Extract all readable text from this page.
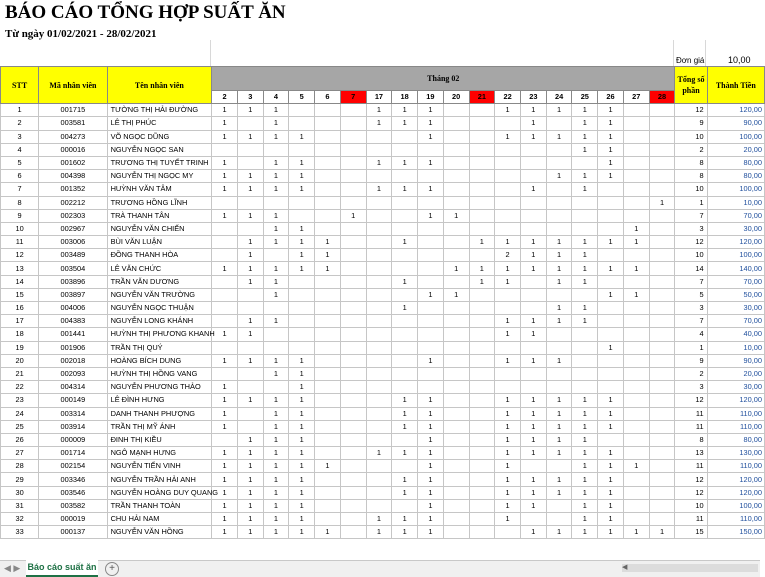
BÁO CÁO TỔNG HỢP SUẤT ĂN
Từ ngày 01/02/2021 - 28/02/2021
Đơn giá	10,00
STT	Mã nhân viên	Tên nhân viên	Tháng 02																		Tổng số phần	Thành Tiền
			2	3	4	5	6	7	17	18	19	20	21	22	23	24	25	26	27	28		
1	001715	TƯỜNG THỊ HẢI ĐƯỜNG	1	1	1				1	1	1			1	1	1	1	1			12	120,00
2	003581	LÊ THỊ PHÚC	1		1				1	1	1				1		1	1			9	90,00
3	004273	VÕ NGỌC DŨNG	1	1	1	1					1			1	1	1	1	1			10	100,00
4	000016	NGUYỄN NGỌC SAN															1	1			2	20,00
5	001602	TRƯƠNG THỊ TUYẾT TRINH	1		1	1			1	1	1							1			8	80,00
6	004398	NGUYỄN THỊ NGỌC MY	1	1	1	1										1	1	1			8	80,00
7	001352	HUỲNH VĂN TÂM	1	1	1	1			1	1	1				1		1				10	100,00
8	002212	TRƯƠNG HỒNG LĨNH																		1	1	10,00
9	002303	TRÀ THANH TÂN	1	1	1			1			1	1									7	70,00
10	002967	NGUYỄN VĂN CHIẾN			1	1													1		3	30,00
11	003006	BÙI VĂN LUẬN		1	1	1	1			1			1	1	1	1	1	1	1		12	120,00
12	003489	ĐỒNG THANH HÒA		1		1	1							2	1	1	1				10	100,00
13	003504	LÊ VĂN CHỨC	1	1	1	1	1					1	1	1	1	1	1	1	1		14	140,00
14	003896	TRẦN VĂN DƯƠNG		1	1					1			1	1		1	1				7	70,00
15	003897	NGUYỄN VĂN TRƯỜNG			1						1	1						1	1		5	50,00
16	004006	NGUYỄN NGỌC THUẬN								1						1	1				3	30,00
17	004383	NGUYỄN LONG KHÁNH		1	1									1	1	1	1				7	70,00
18	001441	HUỲNH THỊ PHƯƠNG KHANH	1	1										1	1						4	40,00
19	001906	TRẦN THỊ QUÝ																1			1	10,00
20	002018	HOÀNG BÍCH DUNG	1	1	1	1					1			1	1	1					9	90,00
21	002093	HUỲNH THỊ HỒNG VANG			1	1															2	20,00
22	004314	NGUYỄN PHƯƠNG THẢO	1			1															3	30,00
23	000149	LÊ ĐÌNH HƯNG	1	1	1	1				1	1			1	1	1	1	1			12	120,00
24	003314	DANH THANH PHƯỢNG	1		1	1				1	1			1	1	1	1	1			11	110,00
25	003914	TRẦN THỊ MỸ ÁNH	1		1	1				1	1			1	1	1	1	1			11	110,00
26	000009	ĐINH THỊ KIỀU		1	1	1					1			1	1	1	1				8	80,00
27	001714	NGÔ MẠNH HƯNG	1	1	1	1			1	1	1			1	1	1	1	1			13	130,00
28	002154	NGUYỄN TIẾN VINH	1	1	1	1	1				1			1			1	1	1		11	110,00
29	003346	NGUYỄN TRẦN HẢI ANH	1	1	1	1				1	1			1	1	1	1	1			12	120,00
30	003546	NGUYỄN HOÀNG DUY QUANG	1	1	1	1				1	1			1	1	1	1	1			12	120,00
31	003582	TRẦN THANH TOÀN	1	1	1	1					1			1	1		1	1			10	100,00
32	000019	CHU HẢI NAM	1	1	1	1			1	1	1			1			1	1			11	110,00
33	000137	NGUYỄN VĂN HỒNG	1	1	1	1	1		1	1	1				1	1	1	1	1	1	15	150,00
◀ ▶ Báo cáo suất ăn	+	◀
